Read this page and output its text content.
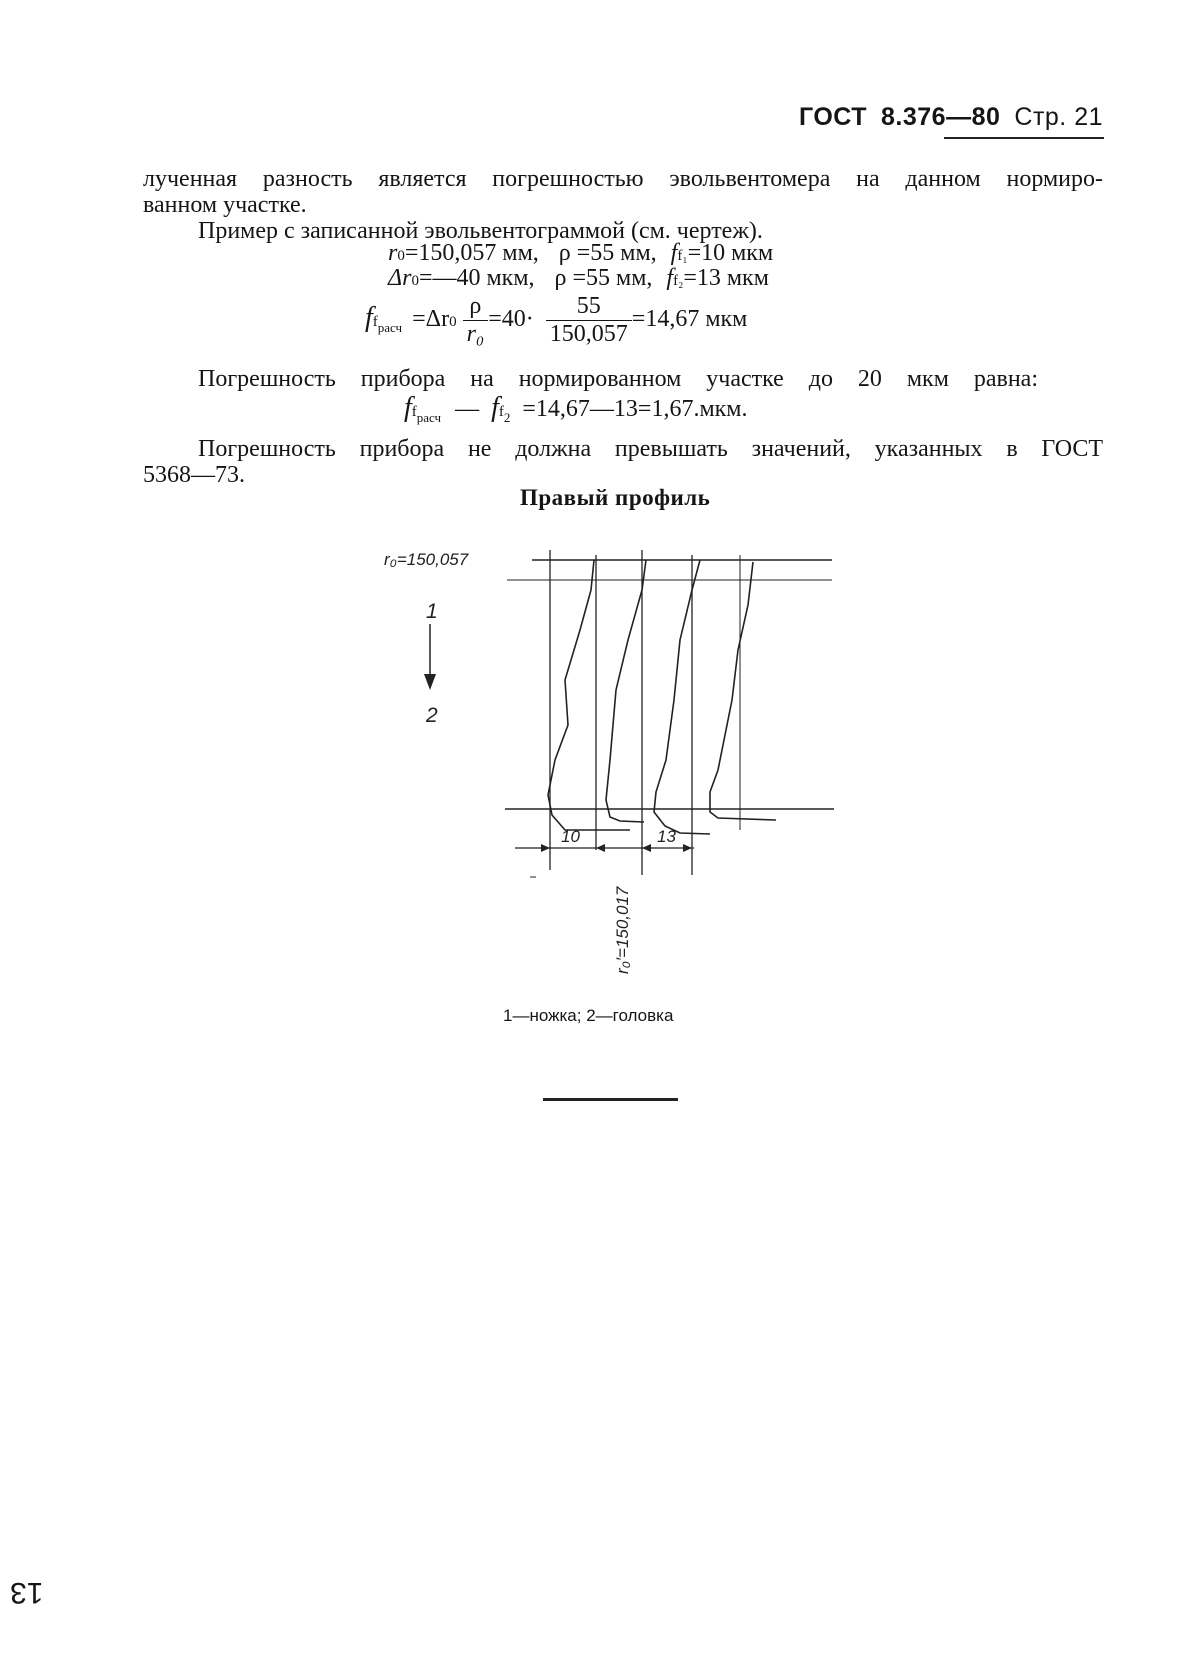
ГОСТ 8.376—80 Стр. 21
лученная разность является погрешностью эвольвентомера на данном нормиро-
ванном участке.
Пример с записанной эвольвентограммой (см. чертеж).
r0=150,057 мм, ρ =55 мм, ff₁=10 мкм
Δr0=—40 мкм, ρ =55 мм, ff₂=13 мкм
$ff_{расч} =\Delta r0 \frac{\rho}{\text{r₀}} =40\cdot \frac{55}{150,057} =14,67$ мкм
Погрешность прибора на нормированном участке до 20 мкм равна:
$ff_{расч}$ — $ff_2$ =14,67—13=1,67.мкм.
Погрешность прибора не должна превышать значений, указанных в ГОСТ
5368—73.
Правый профиль
r₀=150,057
1
2
10	13
r₀′=150,017
1—ножка; 2—головка
13
